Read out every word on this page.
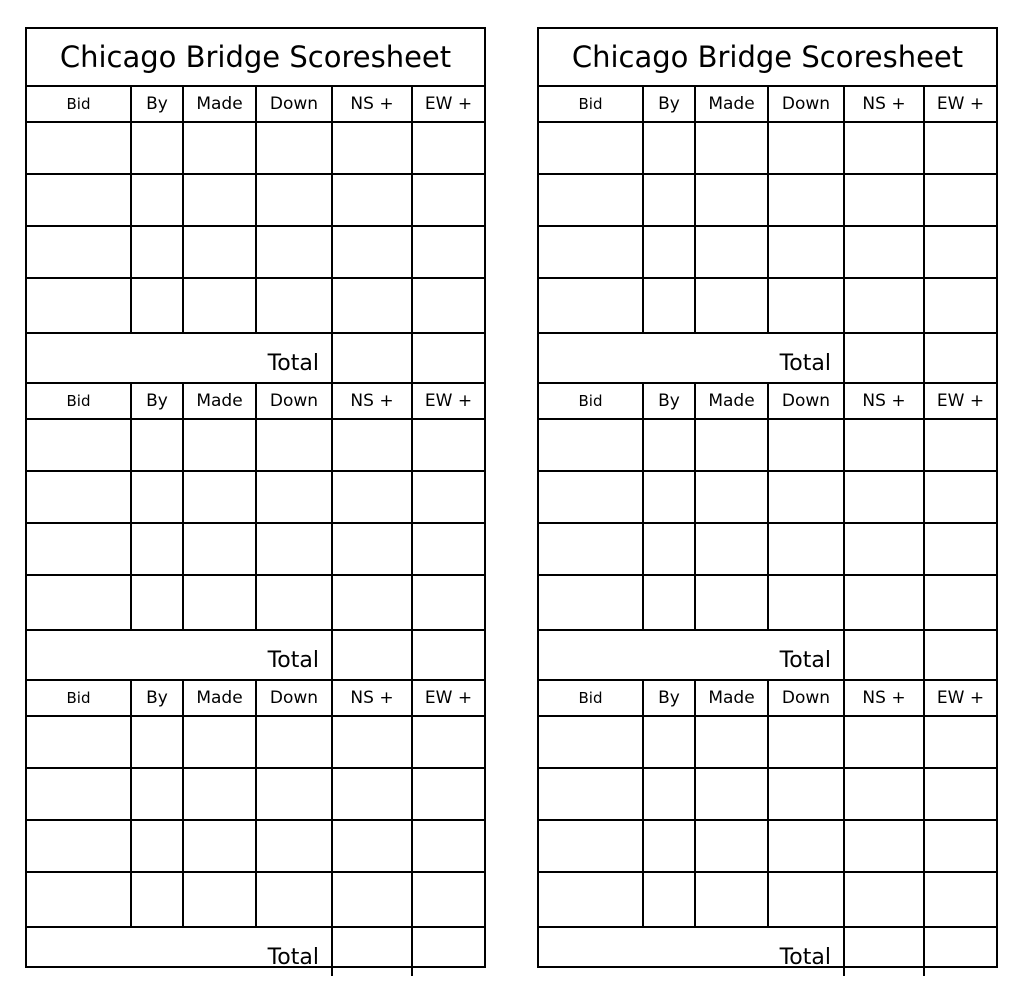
Chicago Bridge Scoresheet
Bid	By	Made	Down	NS +	EW +

Total					
Bid	By	Made	Down	NS +	EW +

Total					
Bid	By	Made	Down	NS +	EW +

Total					
Chicago Bridge Scoresheet
Bid	By	Made	Down	NS +	EW +

Total					
Bid	By	Made	Down	NS +	EW +

Total					
Bid	By	Made	Down	NS +	EW +

Total					
